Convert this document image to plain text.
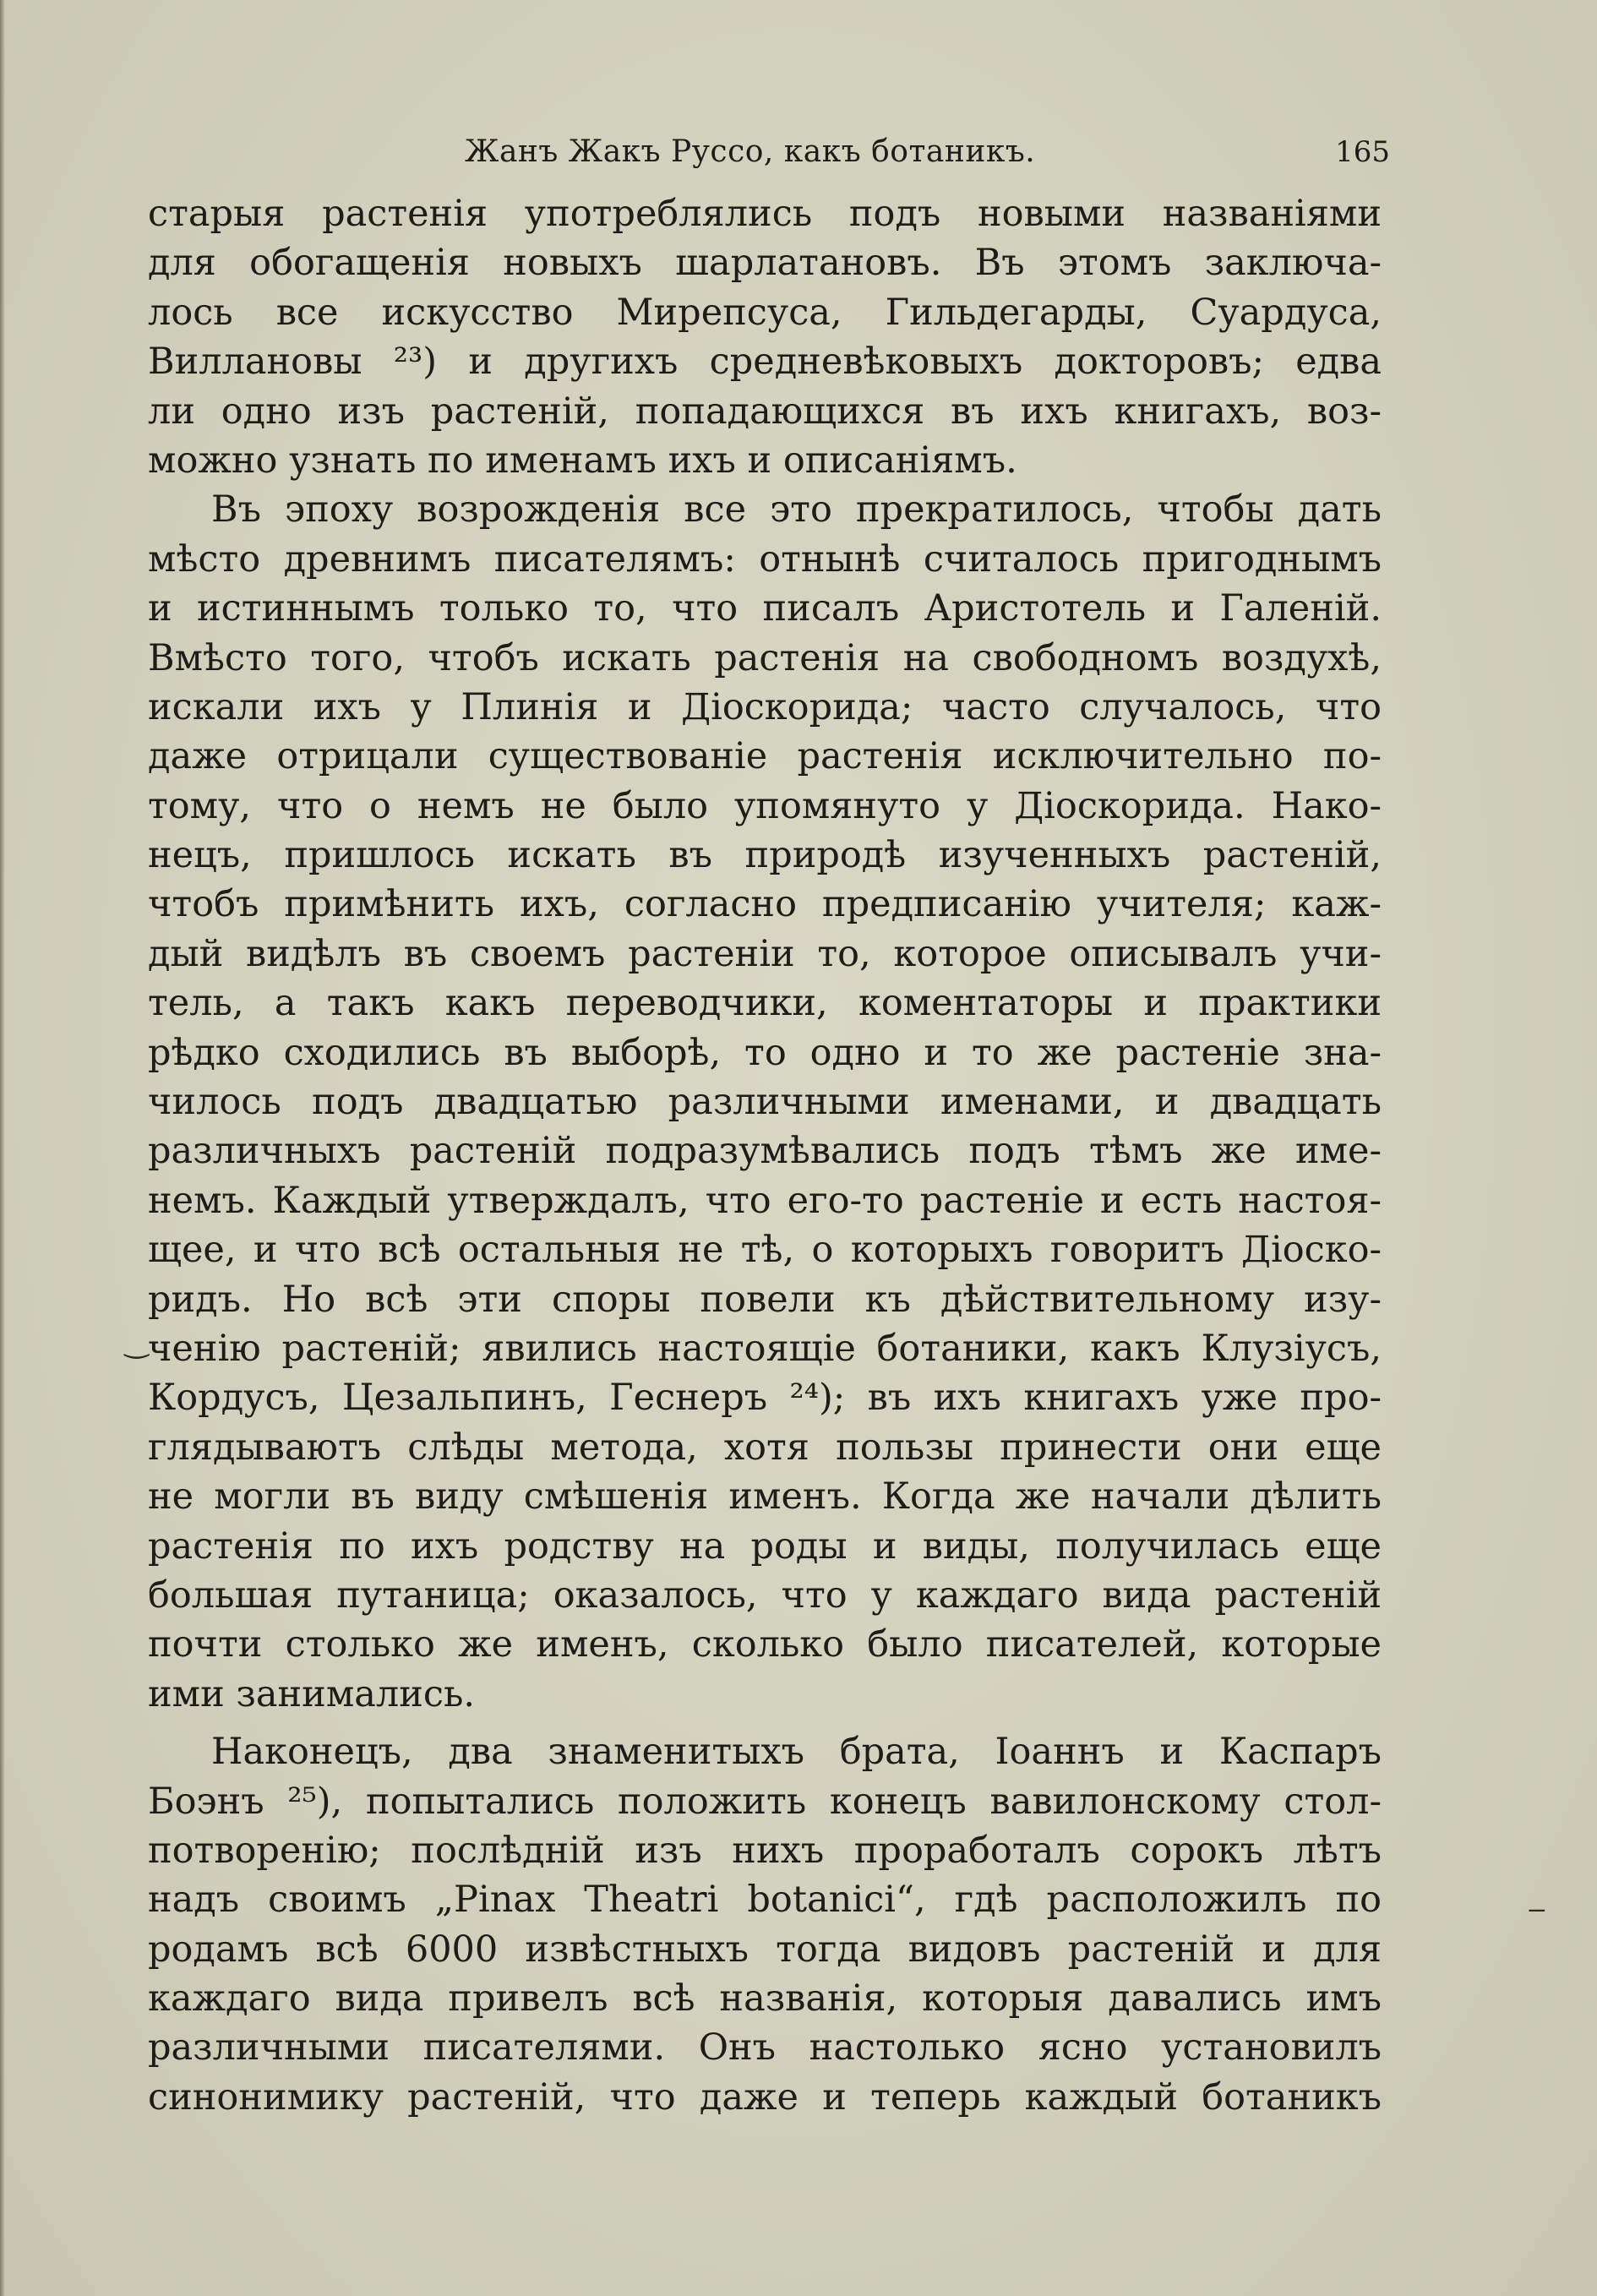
Жанъ Жакъ Руссо, какъ ботаникъ.	165
старыя растенія употреблялись подъ новыми названіями
для обогащенія новыхъ шарлатановъ. Въ этомъ заключа-
лось все искусство Мирепсуса, Гильдегарды, Суардуса,
Виллановы ²³) и другихъ средневѣковыхъ докторовъ; едва
ли одно изъ растеній, попадающихся въ ихъ книгахъ, воз-
можно узнать по именамъ ихъ и описаніямъ.
Въ эпоху возрожденія все это прекратилось, чтобы дать
мѣсто древнимъ писателямъ: отнынѣ считалось пригоднымъ
и истиннымъ только то, что писалъ Аристотель и Галеній.
Вмѣсто того, чтобъ искать растенія на свободномъ воздухѣ,
искали ихъ у Плинія и Діоскорида; часто случалось, что
даже отрицали существованіе растенія исключительно по-
тому, что о немъ не было упомянуто у Діоскорида. Нако-
нецъ, пришлось искать въ природѣ изученныхъ растеній,
чтобъ примѣнить ихъ, согласно предписанію учителя; каж-
дый видѣлъ въ своемъ растеніи то, которое описывалъ учи-
тель, а такъ какъ переводчики, коментаторы и практики
рѣдко сходились въ выборѣ, то одно и то же растеніе зна-
чилось подъ двадцатью различными именами, и двадцать
различныхъ растеній подразумѣвались подъ тѣмъ же име-
немъ. Каждый утверждалъ, что его-то растеніе и есть настоя-
щее, и что всѣ остальныя не тѣ, о которыхъ говоритъ Діоско-
ридъ. Но всѣ эти споры повели къ дѣйствительному изу-
ченію растеній; явились настоящіе ботаники, какъ Клузіусъ,
Кордусъ, Цезальпинъ, Геснеръ ²⁴); въ ихъ книгахъ уже про-
глядываютъ слѣды метода, хотя пользы принести они еще
не могли въ виду смѣшенія именъ. Когда же начали дѣлить
растенія по ихъ родству на роды и виды, получилась еще
большая путаница; оказалось, что у каждаго вида растеній
почти столько же именъ, сколько было писателей, которые
ими занимались.
Наконецъ, два знаменитыхъ брата, Іоаннъ и Каспаръ
Боэнъ ²⁵), попытались положить конецъ вавилонскому стол-
потворенію; послѣдній изъ нихъ проработалъ сорокъ лѣтъ
надъ своимъ „Pinax Theatri botanici“, гдѣ расположилъ по
родамъ всѣ 6000 извѣстныхъ тогда видовъ растеній и для
каждаго вида привелъ всѣ названія, которыя давались имъ
различными писателями. Онъ настолько ясно установилъ
синонимику растеній, что даже и теперь каждый ботаникъ
‿
‒
